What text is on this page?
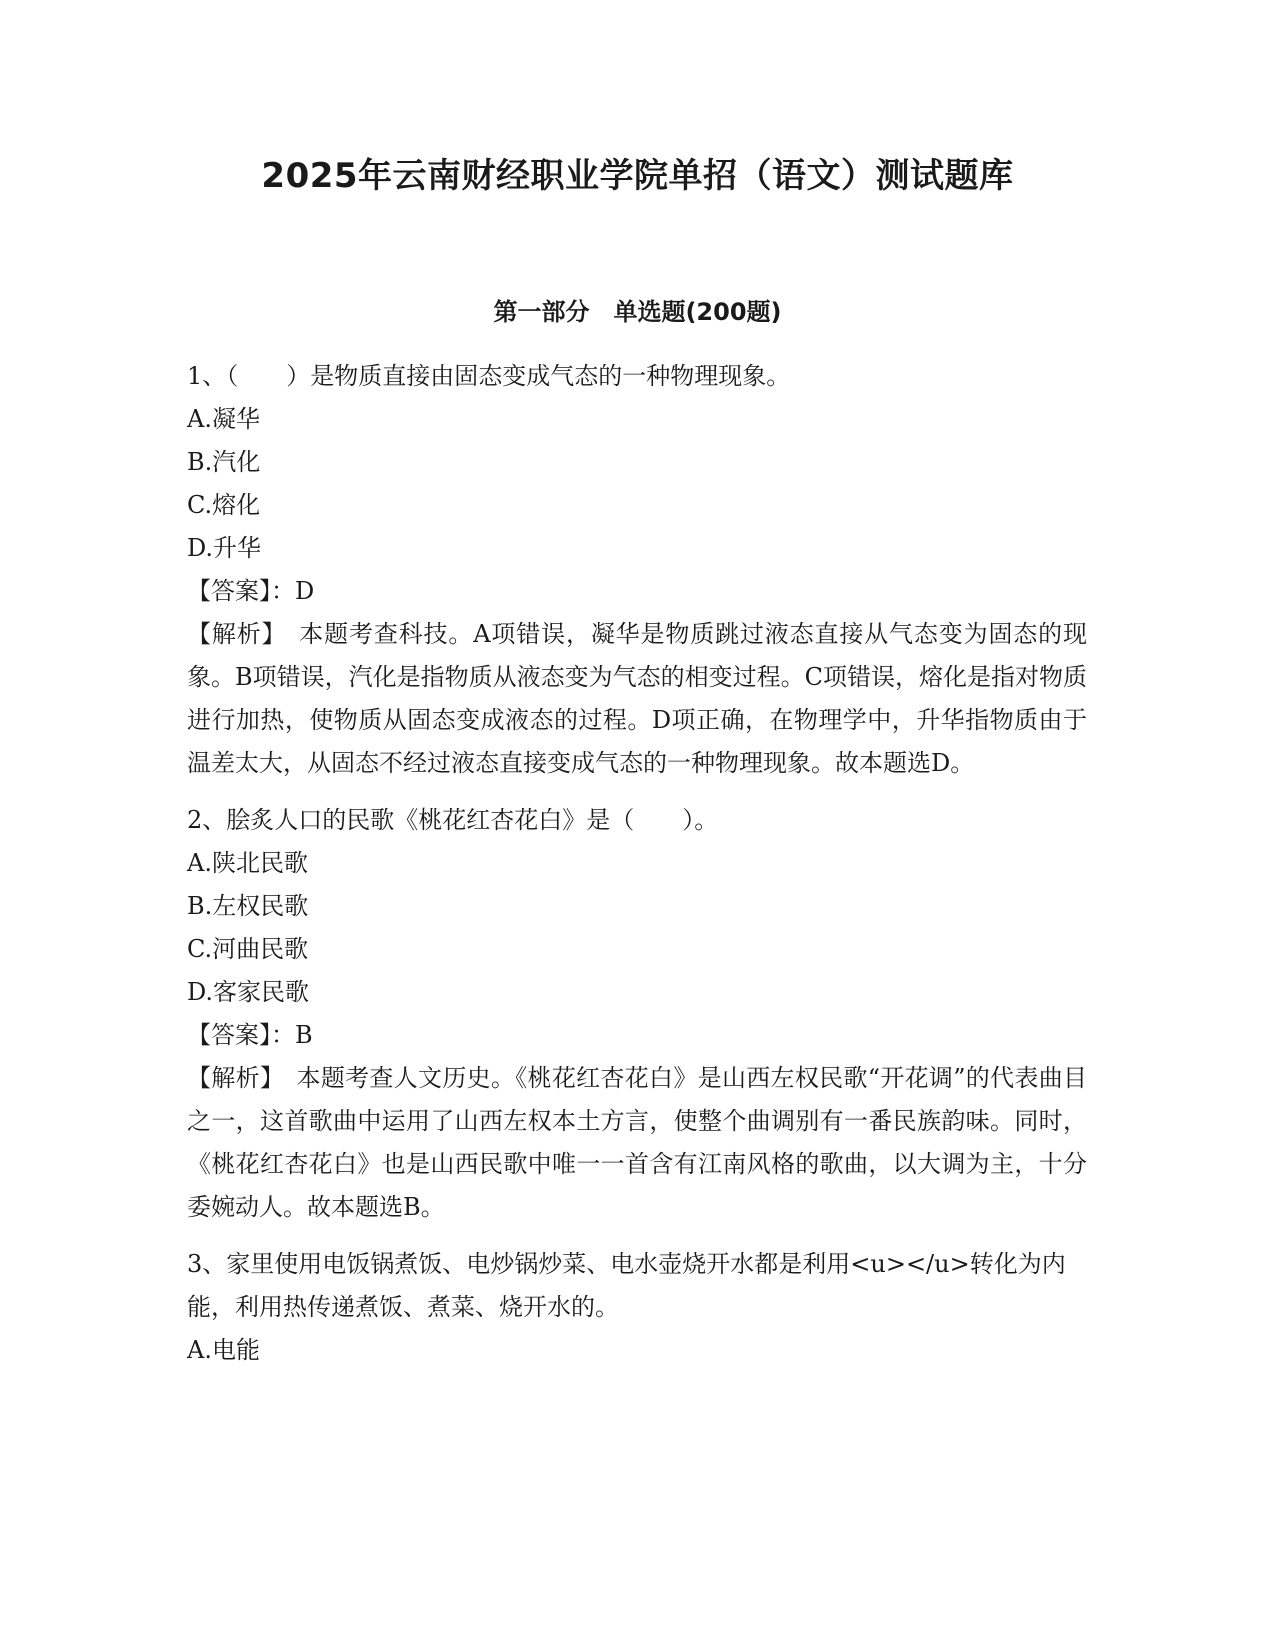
2025年云南财经职业学院单招（语文）测试题库
第一部分　单选题(200题)

1、（　　）是物质直接由固态变成气态的一种物理现象。

A.凝华

B.汽化

C.熔化

D.升华

【答案】：D

【解析】　本题考查科技。A项错误，凝华是物质跳过液态直接从气态变为固态的现象。B项错误，汽化是指物质从液态变为气态的相变过程。C项错误，熔化是指对物质进行加热，使物质从固态变成液态的过程。D项正确，在物理学中，升华指物质由于温差太大，从固态不经过液态直接变成气态的一种物理现象。故本题选D。

2、脍炙人口的民歌《桃花红杏花白》是（　　）。

A.陕北民歌

B.左权民歌

C.河曲民歌

D.客家民歌

【答案】：B

【解析】　本题考查人文历史。《桃花红杏花白》是山西左权民歌“开花调”的代表曲目之一，这首歌曲中运用了山西左权本土方言，使整个曲调别有一番民族韵味。同时，《桃花红杏花白》也是山西民歌中唯一一首含有江南风格的歌曲，以大调为主，十分委婉动人。故本题选B。

3、家里使用电饭锅煮饭、电炒锅炒菜、电水壶烧开水都是利用<u></u>转化为内能，利用热传递煮饭、煮菜、烧开水的。

A.电能
